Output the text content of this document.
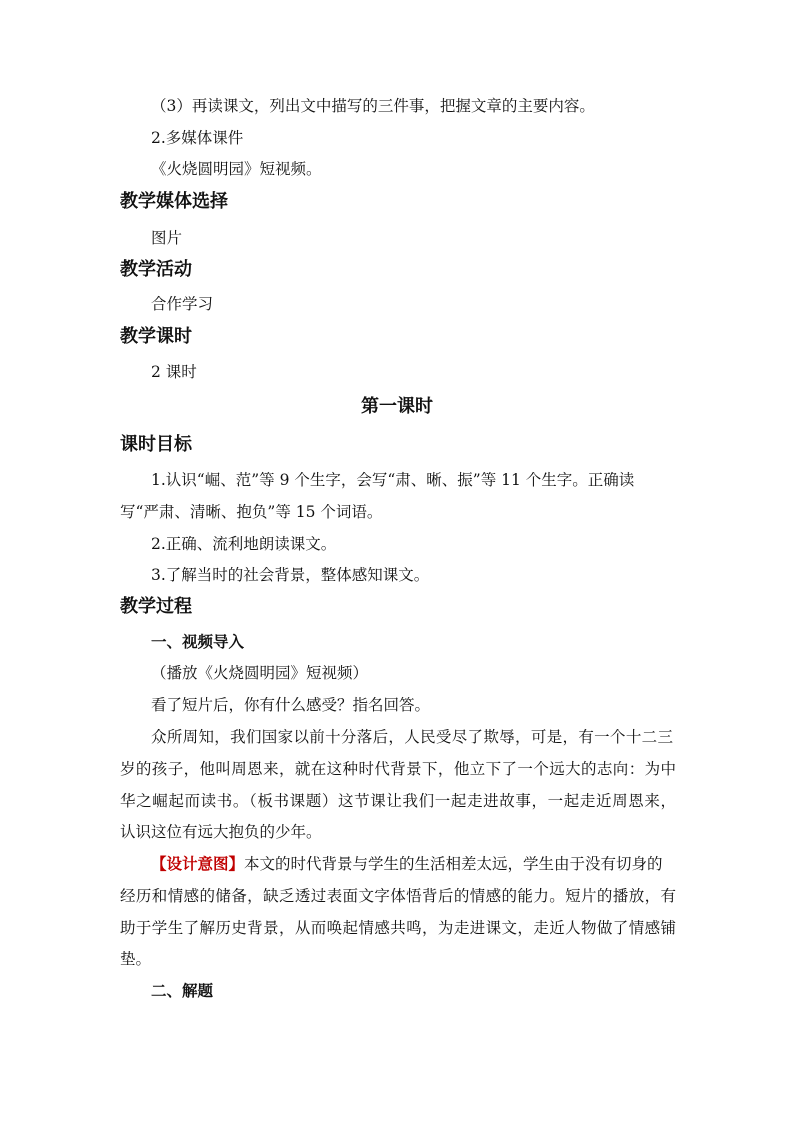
（3）再读课文，列出文中描写的三件事，把握文章的主要内容。
2.多媒体课件
《火烧圆明园》短视频。
教学媒体选择
图片
教学活动
合作学习
教学课时
2 课时
第一课时
课时目标
1.认识“崛、范”等 9 个生字，会写“肃、晰、振”等 11 个生字。正确读
写“严肃、清晰、抱负”等 15 个词语。
2.正确、流利地朗读课文。
3.了解当时的社会背景，整体感知课文。
教学过程
一、视频导入
（播放《火烧圆明园》短视频）
看了短片后，你有什么感受？指名回答。
众所周知，我们国家以前十分落后，人民受尽了欺辱，可是，有一个十二三
岁的孩子，他叫周恩来，就在这种时代背景下，他立下了一个远大的志向：为中
华之崛起而读书。（板书课题）这节课让我们一起走进故事，一起走近周恩来，
认识这位有远大抱负的少年。
【设计意图】本文的时代背景与学生的生活相差太远，学生由于没有切身的
经历和情感的储备，缺乏透过表面文字体悟背后的情感的能力。短片的播放，有
助于学生了解历史背景，从而唤起情感共鸣，为走进课文，走近人物做了情感铺
垫。
二、解题
